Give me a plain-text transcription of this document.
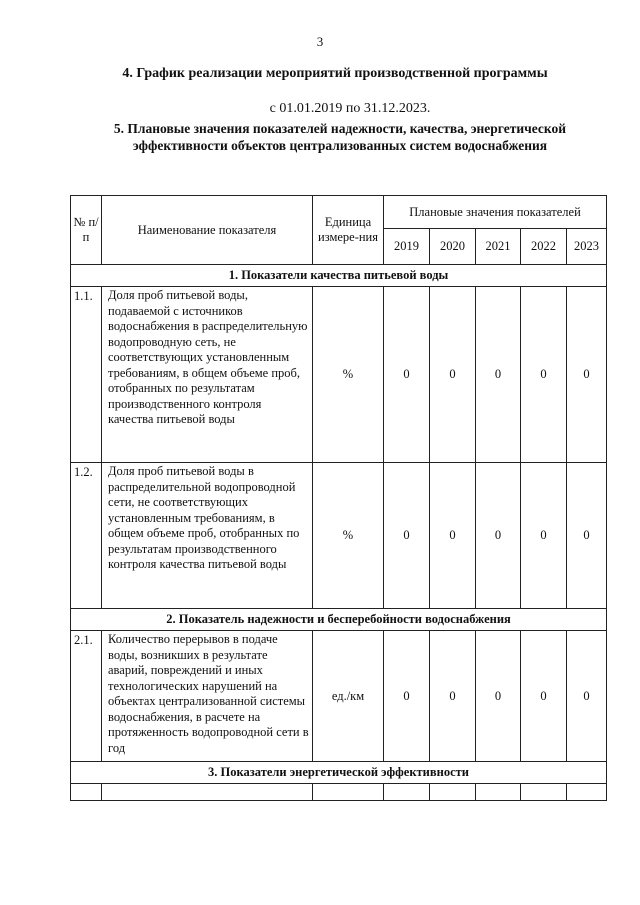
3
4. График реализации мероприятий производственной программы
с 01.01.2019 по 31.12.2023.
5. Плановые значения показателей надежности, качества, энергетической эффективности объектов централизованных систем водоснабжения
№ п/п	Наименование показателя	Единица измере-ния	Плановые значения показателей				
			2019	2020	2021	2022	2023
1. Показатели качества питьевой воды							
1.1.	Доля проб питьевой воды, подаваемой с источников водоснабжения в распределительную водопроводную сеть, не соответствующих установленным требованиям, в общем объеме проб, отобранных по результатам производственного контроля качества питьевой воды	%	0	0	0	0	0
1.2.	Доля проб питьевой воды в распределительной водопроводной сети, не соответствующих установленным требованиям, в общем объеме проб, отобранных по результатам производственного контроля качества питьевой воды	%	0	0	0	0	0
2. Показатель надежности и бесперебойности водоснабжения							
2.1.	Количество перерывов в подаче воды, возникших в результате аварий, повреждений и иных технологических нарушений на объектах централизованной системы водоснабжения, в расчете на протяженность водопроводной сети в год	ед./км	0	0	0	0	0
3. Показатели энергетической эффективности							
